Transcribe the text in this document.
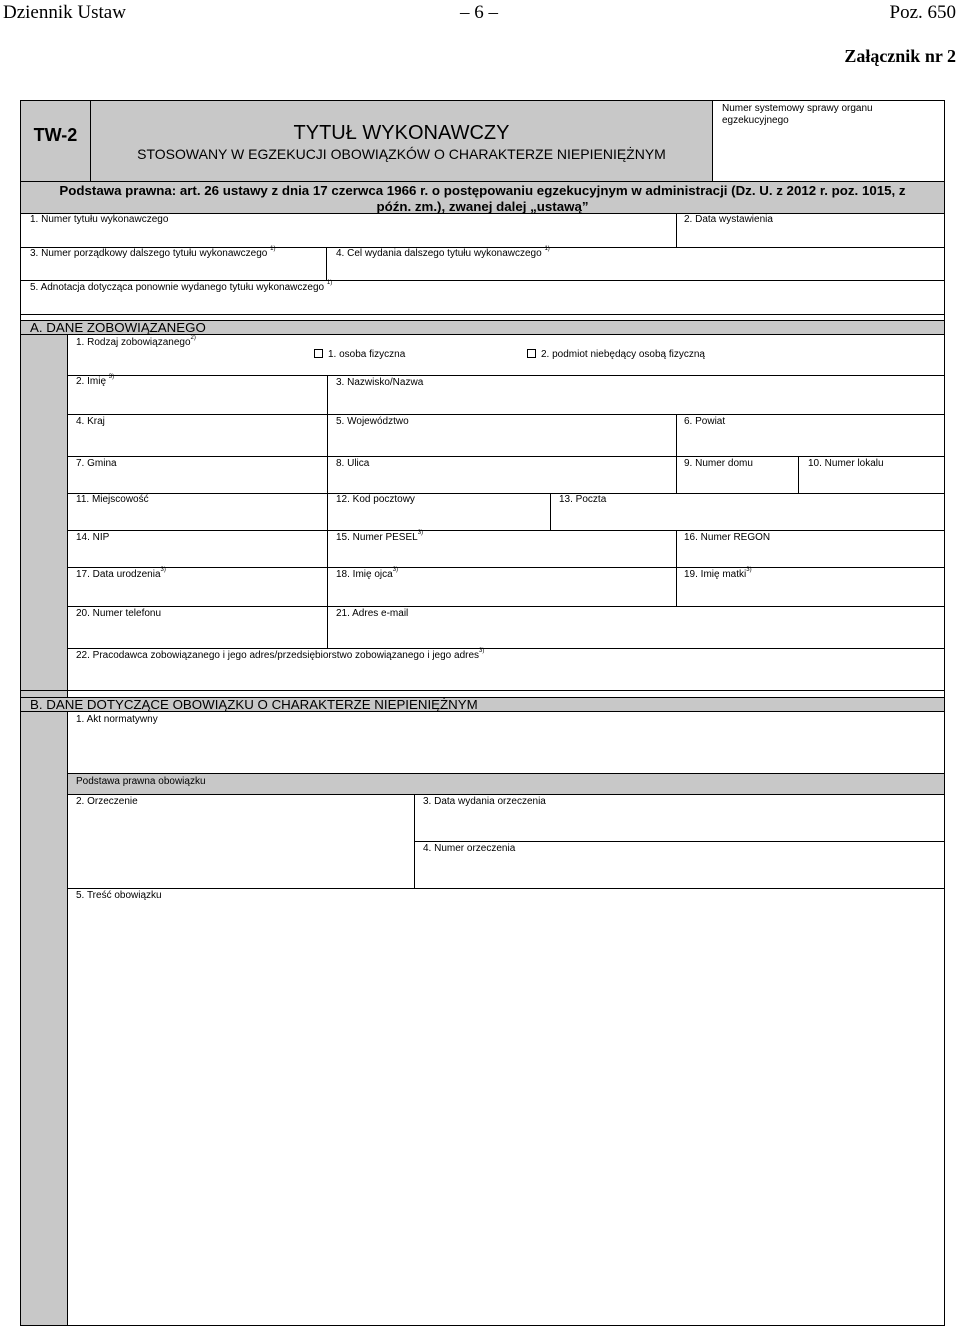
Dziennik Ustaw	– 6 –	Poz. 650
Załącznik nr 2
TW-2	TYTUŁ WYKONAWCZY
STOSOWANY W EGZEKUCJI OBOWIĄZKÓW O CHARAKTERZE NIEPIENIĘŻNYM
Numer systemowy sprawy organu egzekucyjnego
Podstawa prawna: art. 26 ustawy z dnia 17 czerwca 1966 r. o postępowaniu egzekucyjnym w administracji (Dz. U. z 2012 r. poz. 1015, z
późn. zm.), zwanej dalej „ustawą”
1. Numer tytułu wykonawczego	2. Data wystawienia
3. Numer porządkowy dalszego tytułu wykonawczego $^{1)}$	4. Cel wydania dalszego tytułu wykonawczego $^{1)}$
5. Adnotacja dotycząca ponownie wydanego tytułu wykonawczego $^{1)}$
A. DANE ZOBOWIĄZANEGO
1. Rodzaj zobowiązanego$^{2)}$
1. osoba fizyczna	2. podmiot niebędący osobą fizyczną
2. Imię $^{3)}$	3. Nazwisko/Nazwa
4. Kraj	5. Województwo	6. Powiat
7. Gmina	8. Ulica	9. Numer domu	10. Numer lokalu
11. Miejscowość	12. Kod pocztowy	13. Poczta
14. NIP	15. Numer PESEL$^{3)}$	16. Numer REGON
17. Data urodzenia$^{3)}$	18. Imię ojca$^{3)}$	19. Imię matki$^{3)}$
20. Numer telefonu	21. Adres e-mail
22. Pracodawca zobowiązanego i jego adres/przedsiębiorstwo zobowiązanego i jego adres$^{3)}$
B. DANE DOTYCZĄCE OBOWIĄZKU O CHARAKTERZE NIEPIENIĘŻNYM
1. Akt normatywny
Podstawa prawna obowiązku
2. Orzeczenie	3. Data wydania orzeczenia
4. Numer orzeczenia
5. Treść obowiązku
